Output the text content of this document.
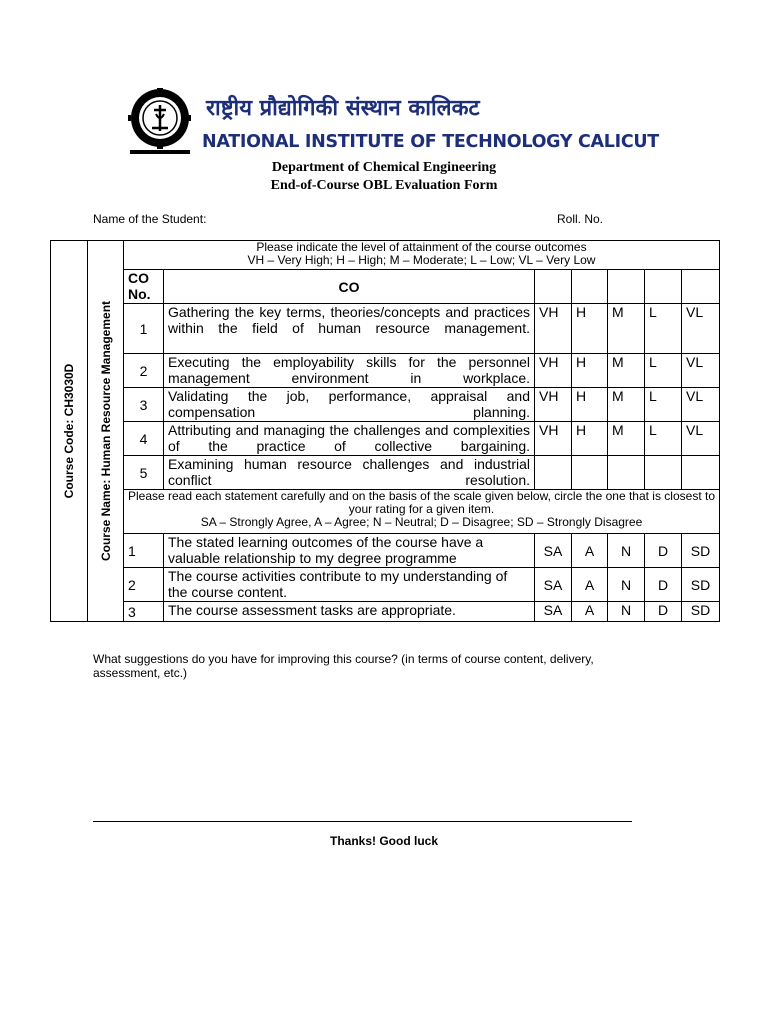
राष्ट्रीय प्रौद्योगिकी संस्थान कालिकट
NATIONAL INSTITUTE OF TECHNOLOGY CALICUT
Department of Chemical Engineering
End-of-Course OBL Evaluation Form
Name of the Student:	Roll. No.
Course Code: CH3030D	Course Name: Human Resource Management	Please indicate the level of attainment of the course outcomes
VH – Very High; H – High; M – Moderate; L – Low; VL – Very Low						

		CO No.	CO					
		1	Gathering the key terms, theories/concepts and practices within the field of human resource management.	VH	H	M	L	VL
		2	Executing the employability skills for the personnel management environment in workplace.	VH	H	M	L	VL
		3	Validating the job, performance, appraisal and compensation planning.	VH	H	M	L	VL
		4	Attributing and managing the challenges and complexities of the practice of collective bargaining.	VH	H	M	L	VL
		5	Examining human resource challenges and industrial conflict resolution.					

		Please read each statement carefully and on the basis of the scale given below, circle the one that is closest to your rating for a given item.
SA – Strongly Agree, A – Agree; N – Neutral; D – Disagree; SD – Strongly Disagree						

		1	The stated learning outcomes of the course have a valuable relationship to my degree programme	SA	A	N	D	SD
		2	The course activities contribute to my understanding of the course content.	SA	A	N	D	SD
		3	The course assessment tasks are appropriate.	SA	A	N	D	SD
What suggestions do you have for improving this course? (in terms of course content, delivery, assessment, etc.)
Thanks! Good luck
